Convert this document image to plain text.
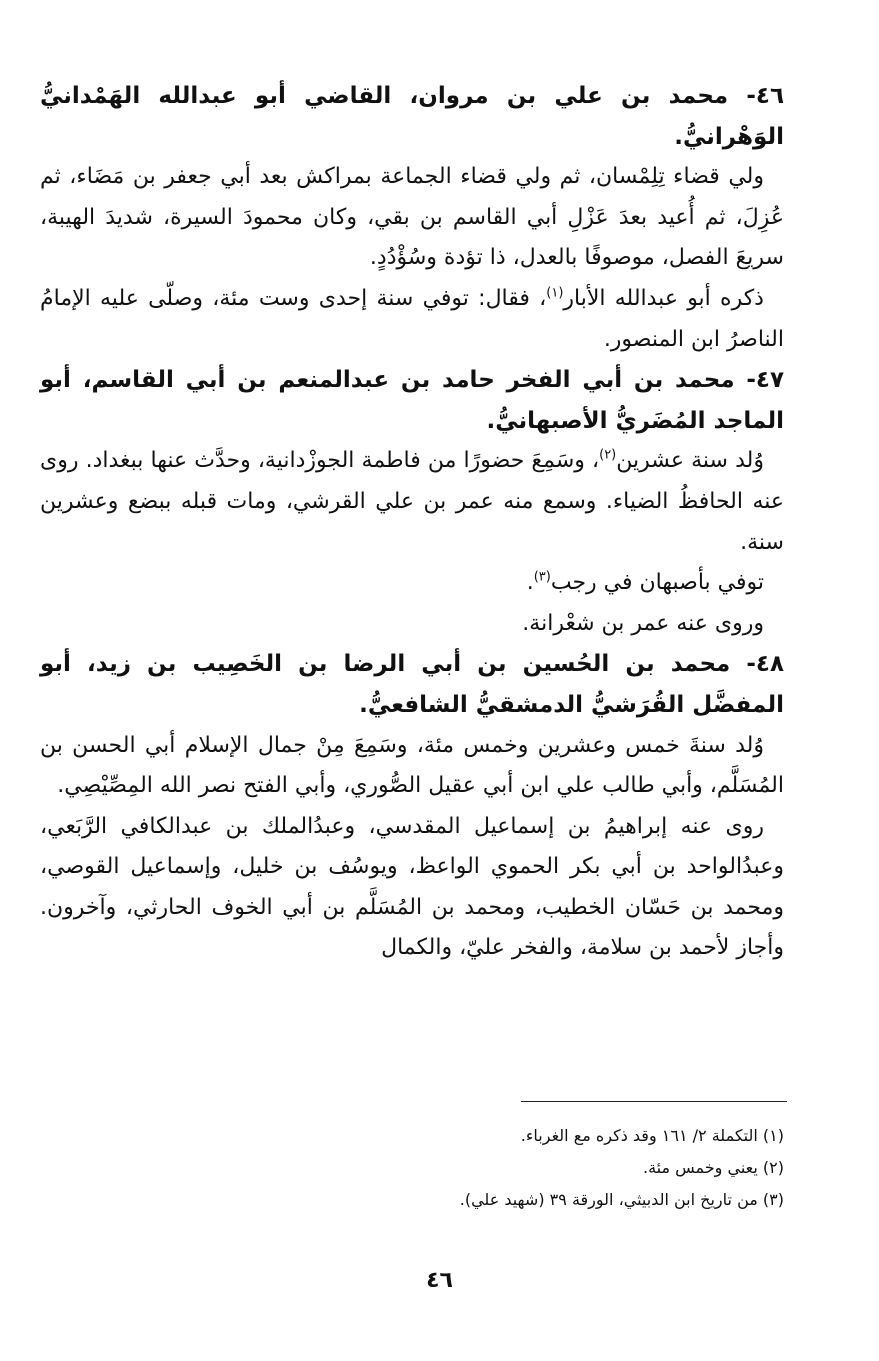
٤٦- محمد بن علي بن مروان، القاضي أبو عبدالله الهَمْدانيُّ الوَهْرانيُّ.

ولي قضاء تِلِمْسان، ثم ولي قضاء الجماعة بمراكش بعد أبي جعفر بن مَضَاء، ثم عُزِلَ، ثم أُعيد بعدَ عَزْلِ أبي القاسم بن بقي، وكان محمودَ السيرة، شديدَ الهيبة، سريعَ الفصل، موصوفًا بالعدل، ذا تؤدة وسُؤْدُدٍ.

ذكره أبو عبدالله الأبار$^{(١)}$، فقال: توفي سنة إحدى وست مئة، وصلّى عليه الإمامُ الناصرُ ابن المنصور.

٤٧- محمد بن أبي الفخر حامد بن عبدالمنعم بن أبي القاسم، أبو الماجد المُضَريُّ الأصبهانيُّ.

وُلد سنة عشرين$^{(٢)}$، وسَمِعَ حضورًا من فاطمة الجوزْدانية، وحدَّث عنها ببغداد. روى عنه الحافظُ الضياء. وسمع منه عمر بن علي القرشي، ومات قبله ببضع وعشرين سنة.

توفي بأصبهان في رجب$^{(٣)}$.

وروى عنه عمر بن شعْرانة.

٤٨- محمد بن الحُسين بن أبي الرضا بن الخَصِيب بن زيد، أبو المفضَّل القُرَشيُّ الدمشقيُّ الشافعيُّ.

وُلد سنةَ خمس وعشرين وخمس مئة، وسَمِعَ مِنْ جمال الإسلام أبي الحسن بن المُسَلَّم، وأبي طالب علي ابن أبي عقيل الصُّوري، وأبي الفتح نصر الله المِصِّيْصِي.

روى عنه إبراهيمُ بن إسماعيل المقدسي، وعبدُالملك بن عبدالكافي الرَّبَعي، وعبدُالواحد بن أبي بكر الحموي الواعظ، ويوسُف بن خليل، وإسماعيل القوصي، ومحمد بن حَسّان الخطيب، ومحمد بن المُسَلَّم بن أبي الخوف الحارثي، وآخرون. وأجاز لأحمد بن سلامة، والفخر عليّ، والكمال

(١) التكملة ٢/ ١٦١ وقد ذكره مع الغرباء.

(٢) يعني وخمس مئة.

(٣) من تاريخ ابن الدبيثي، الورقة ٣٩ (شهيد علي).

٤٦
